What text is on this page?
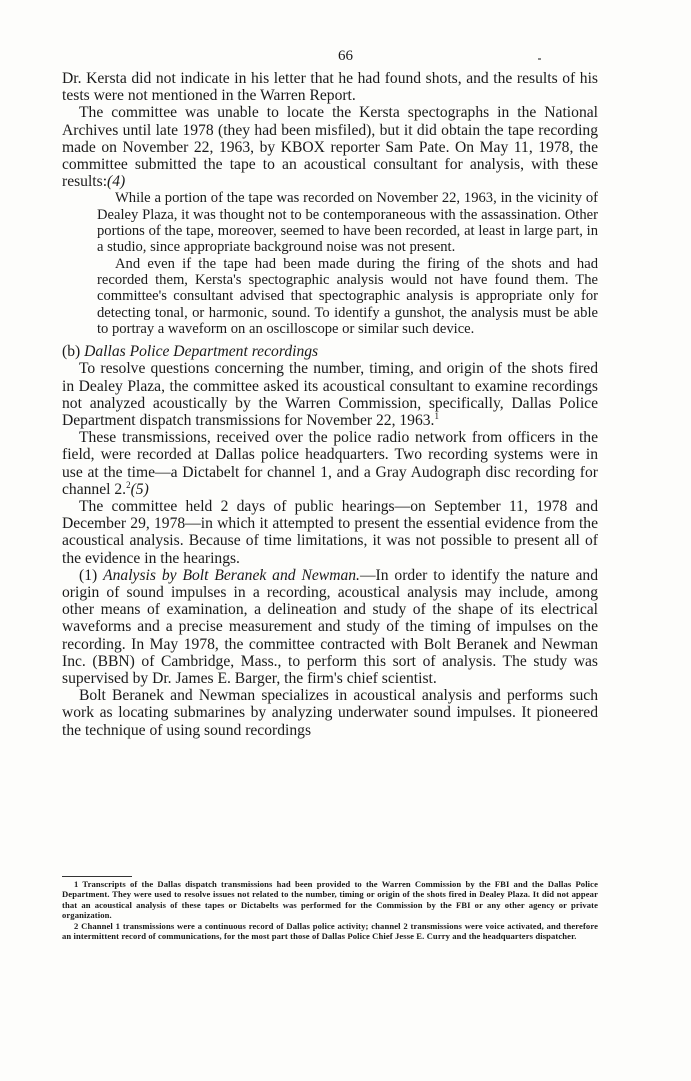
66

Dr. Kersta did not indicate in his letter that he had found shots, and the results of his tests were not mentioned in the Warren Report.

The committee was unable to locate the Kersta spectographs in the National Archives until late 1978 (they had been misfiled), but it did obtain the tape recording made on November 22, 1963, by KBOX reporter Sam Pate. On May 11, 1978, the committee submitted the tape to an acoustical consultant for analysis, with these results:(4)

While a portion of the tape was recorded on November 22, 1963, in the vicinity of Dealey Plaza, it was thought not to be contemporaneous with the assassination. Other portions of the tape, moreover, seemed to have been recorded, at least in large part, in a studio, since appropriate background noise was not present.

And even if the tape had been made during the firing of the shots and had recorded them, Kersta's spectographic analysis would not have found them. The committee's consultant advised that spectographic analysis is appropriate only for detecting tonal, or harmonic, sound. To identify a gunshot, the analysis must be able to portray a waveform on an oscilloscope or similar such device.

(b) Dallas Police Department recordings

To resolve questions concerning the number, timing, and origin of the shots fired in Dealey Plaza, the committee asked its acoustical consultant to examine recordings not analyzed acoustically by the Warren Commission, specifically, Dallas Police Department dispatch transmissions for November 22, 1963.$^1$

These transmissions, received over the police radio network from officers in the field, were recorded at Dallas police headquarters. Two recording systems were in use at the time—a Dictabelt for channel 1, and a Gray Audograph disc recording for channel 2.$^2$(5)

The committee held 2 days of public hearings—on September 11, 1978 and December 29, 1978—in which it attempted to present the essential evidence from the acoustical analysis. Because of time limitations, it was not possible to present all of the evidence in the hearings.

(1) Analysis by Bolt Beranek and Newman.—In order to identify the nature and origin of sound impulses in a recording, acoustical analysis may include, among other means of examination, a delineation and study of the shape of its electrical waveforms and a precise measurement and study of the timing of impulses on the recording. In May 1978, the committee contracted with Bolt Beranek and Newman Inc. (BBN) of Cambridge, Mass., to perform this sort of analysis. The study was supervised by Dr. James E. Barger, the firm's chief scientist.

Bolt Beranek and Newman specializes in acoustical analysis and performs such work as locating submarines by analyzing underwater sound impulses. It pioneered the technique of using sound recordings

1 Transcripts of the Dallas dispatch transmissions had been provided to the Warren Commission by the FBI and the Dallas Police Department. They were used to resolve issues not related to the number, timing or origin of the shots fired in Dealey Plaza. It did not appear that an acoustical analysis of these tapes or Dictabelts was performed for the Commission by the FBI or any other agency or private organization.

2 Channel 1 transmissions were a continuous record of Dallas police activity; channel 2 transmissions were voice activated, and therefore an intermittent record of communications, for the most part those of Dallas Police Chief Jesse E. Curry and the headquarters dispatcher.
